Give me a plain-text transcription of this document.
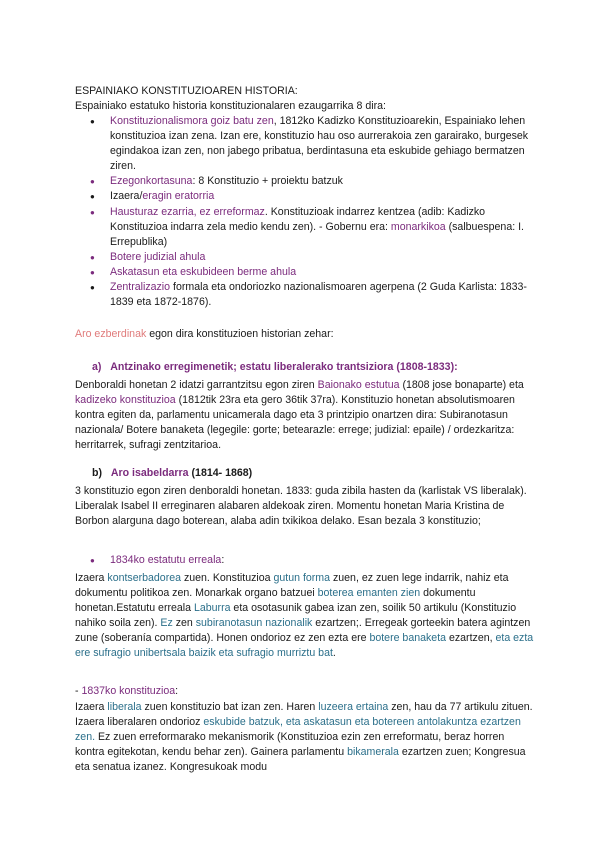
ESPAINIAKO KONSTITUZIOAREN HISTORIA:
Espainiako estatuko historia konstituzionalaren ezaugarrika 8 dira:
● Konstituzionalismora goiz batu zen, 1812ko Kadizko Konstituzioarekin, Espainiako lehen konstituzioa izan zena. Izan ere, konstituzio hau oso aurrerakoia zen garairako, burgesek egindakoa izan zen, non jabego pribatua, berdintasuna eta eskubide gehiago bermatzen ziren.
● Ezegonkortasuna: 8 Konstituzio + proiektu batzuk
● Izaera/eragin eratorria
● Hausturaz ezarria, ez erreformaz. Konstituzioak indarrez kentzea (adib: Kadizko Konstituzioa indarra zela medio kendu zen). - Gobernu era: monarkikoa (salbuespena: I. Errepublika)
● Botere judizial ahula
● Askatasun eta eskubideen berme ahula
● Zentralizazio formala eta ondoriozko nazionalismoaren agerpena (2 Guda Karlista: 1833-1839 eta 1872-1876).
Aro ezberdinak egon dira konstituzioen historian zehar:
a) Antzinako erregimenetik; estatu liberalerako trantsiziora (1808-1833):
Denboraldi honetan 2 idatzi garrantzitsu egon ziren Baionako estutua (1808 jose bonaparte) eta kadizeko konstituzioa (1812tik 23ra eta gero 36tik 37ra). Konstituzio honetan absolutismoaren kontra egiten da, parlamentu unicamerala dago eta 3 printzipio onartzen dira: Subiranotasun nazionala/ Botere banaketa (legegile: gorte; betearazle: errege; judizial: epaile) / ordezkaritza: herritarrek, sufragi zentzitarioa.
b) Aro isabeldarra (1814- 1868)
3 konstituzio egon ziren denboraldi honetan. 1833: guda zibila hasten da (karlistak VS liberalak). Liberalak Isabel II erreginaren alabaren aldekoak ziren. Momentu honetan Maria Kristina de Borbon alarguna dago boterean, alaba adin txikikoa delako. Esan bezala 3 konstituzio;
● 1834ko estatutu erreala:
Izaera kontserbadorea zuen. Konstituzioa gutun forma zuen, ez zuen lege indarrik, nahiz eta dokumentu politikoa zen. Monarkak organo batzuei boterea emanten zien dokumentu honetan.Estatutu erreala Laburra eta osotasunik gabea izan zen, soilik 50 artikulu (Konstituzio nahiko soila zen). Ez zen subiranotasun nazionalik ezartzen;. Erregeak gorteekin batera agintzen zune (soberanía compartida). Honen ondorioz ez zen ezta ere botere banaketa ezartzen, eta ezta ere sufragio unibertsala baizik eta sufragio murriztu bat.
- 1837ko konstituzioa:
Izaera liberala zuen konstituzio bat izan zen. Haren luzeera ertaina zen, hau da 77 artikulu zituen. Izaera liberalaren ondorioz eskubide batzuk, eta askatasun eta botereen antolakuntza ezartzen zen. Ez zuen erreformarako mekanismorik (Konstituzioa ezin zen erreformatu, beraz horren kontra egitekotan, kendu behar zen). Gainera parlamentu bikamerala ezartzen zuen; Kongresua eta senatua izanez. Kongresukoak modu
